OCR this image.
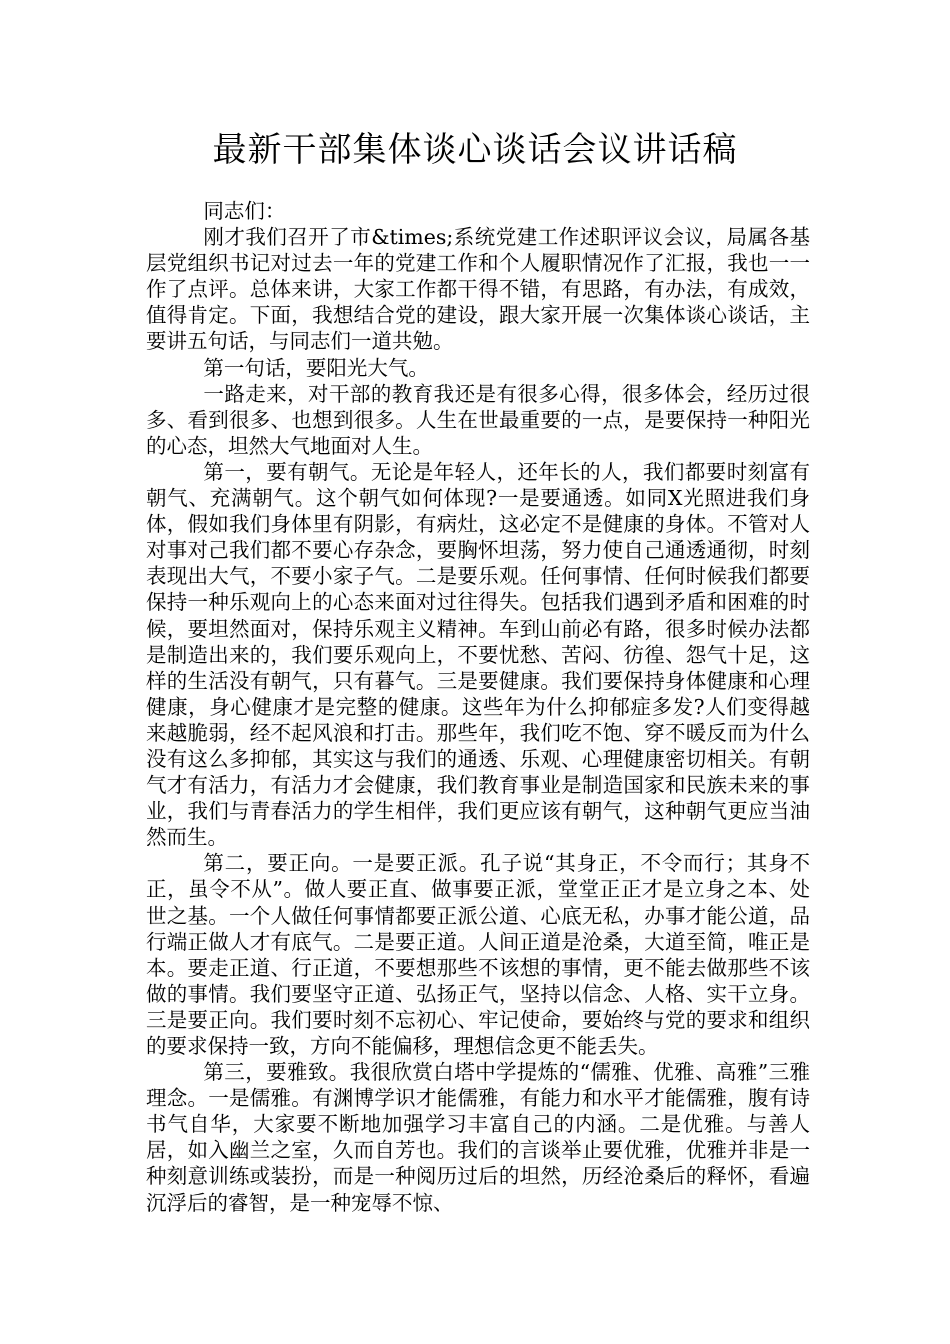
最新干部集体谈心谈话会议讲话稿

同志们：

刚才我们召开了市&times;系统党建工作述职评议会议，局属各基层党组织书记对过去一年的党建工作和个人履职情况作了汇报，我也一一作了点评。总体来讲，大家工作都干得不错，有思路，有办法，有成效，值得肯定。下面，我想结合党的建设，跟大家开展一次集体谈心谈话，主要讲五句话，与同志们一道共勉。

第一句话，要阳光大气。

一路走来，对干部的教育我还是有很多心得，很多体会，经历过很多、看到很多、也想到很多。人生在世最重要的一点，是要保持一种阳光的心态，坦然大气地面对人生。

第一，要有朝气。无论是年轻人，还年长的人，我们都要时刻富有朝气、充满朝气。这个朝气如何体现?一是要通透。如同X光照进我们身体，假如我们身体里有阴影，有病灶，这必定不是健康的身体。不管对人对事对己我们都不要心存杂念，要胸怀坦荡，努力使自己通透通彻，时刻表现出大气，不要小家子气。二是要乐观。任何事情、任何时候我们都要保持一种乐观向上的心态来面对过往得失。包括我们遇到矛盾和困难的时候，要坦然面对，保持乐观主义精神。车到山前必有路，很多时候办法都是制造出来的，我们要乐观向上，不要忧愁、苦闷、彷徨、怨气十足，这样的生活没有朝气，只有暮气。三是要健康。我们要保持身体健康和心理健康，身心健康才是完整的健康。这些年为什么抑郁症多发?人们变得越来越脆弱，经不起风浪和打击。那些年，我们吃不饱、穿不暖反而为什么没有这么多抑郁，其实这与我们的通透、乐观、心理健康密切相关。有朝气才有活力，有活力才会健康，我们教育事业是制造国家和民族未来的事业，我们与青春活力的学生相伴，我们更应该有朝气，这种朝气更应当油然而生。

第二，要正向。一是要正派。孔子说“其身正，不令而行；其身不正，虽令不从”。做人要正直、做事要正派，堂堂正正才是立身之本、处世之基。一个人做任何事情都要正派公道、心底无私，办事才能公道，品行端正做人才有底气。二是要正道。人间正道是沧桑，大道至简，唯正是本。要走正道、行正道，不要想那些不该想的事情，更不能去做那些不该做的事情。我们要坚守正道、弘扬正气，坚持以信念、人格、实干立身。三是要正向。我们要时刻不忘初心、牢记使命，要始终与党的要求和组织的要求保持一致，方向不能偏移，理想信念更不能丢失。

第三，要雅致。我很欣赏白塔中学提炼的“儒雅、优雅、高雅”三雅理念。一是儒雅。有渊博学识才能儒雅，有能力和水平才能儒雅，腹有诗书气自华，大家要不断地加强学习丰富自己的内涵。二是优雅。与善人居，如入幽兰之室，久而自芳也。我们的言谈举止要优雅，优雅并非是一种刻意训练或装扮，而是一种阅历过后的坦然，历经沧桑后的释怀，看遍沉浮后的睿智，是一种宠辱不惊、
